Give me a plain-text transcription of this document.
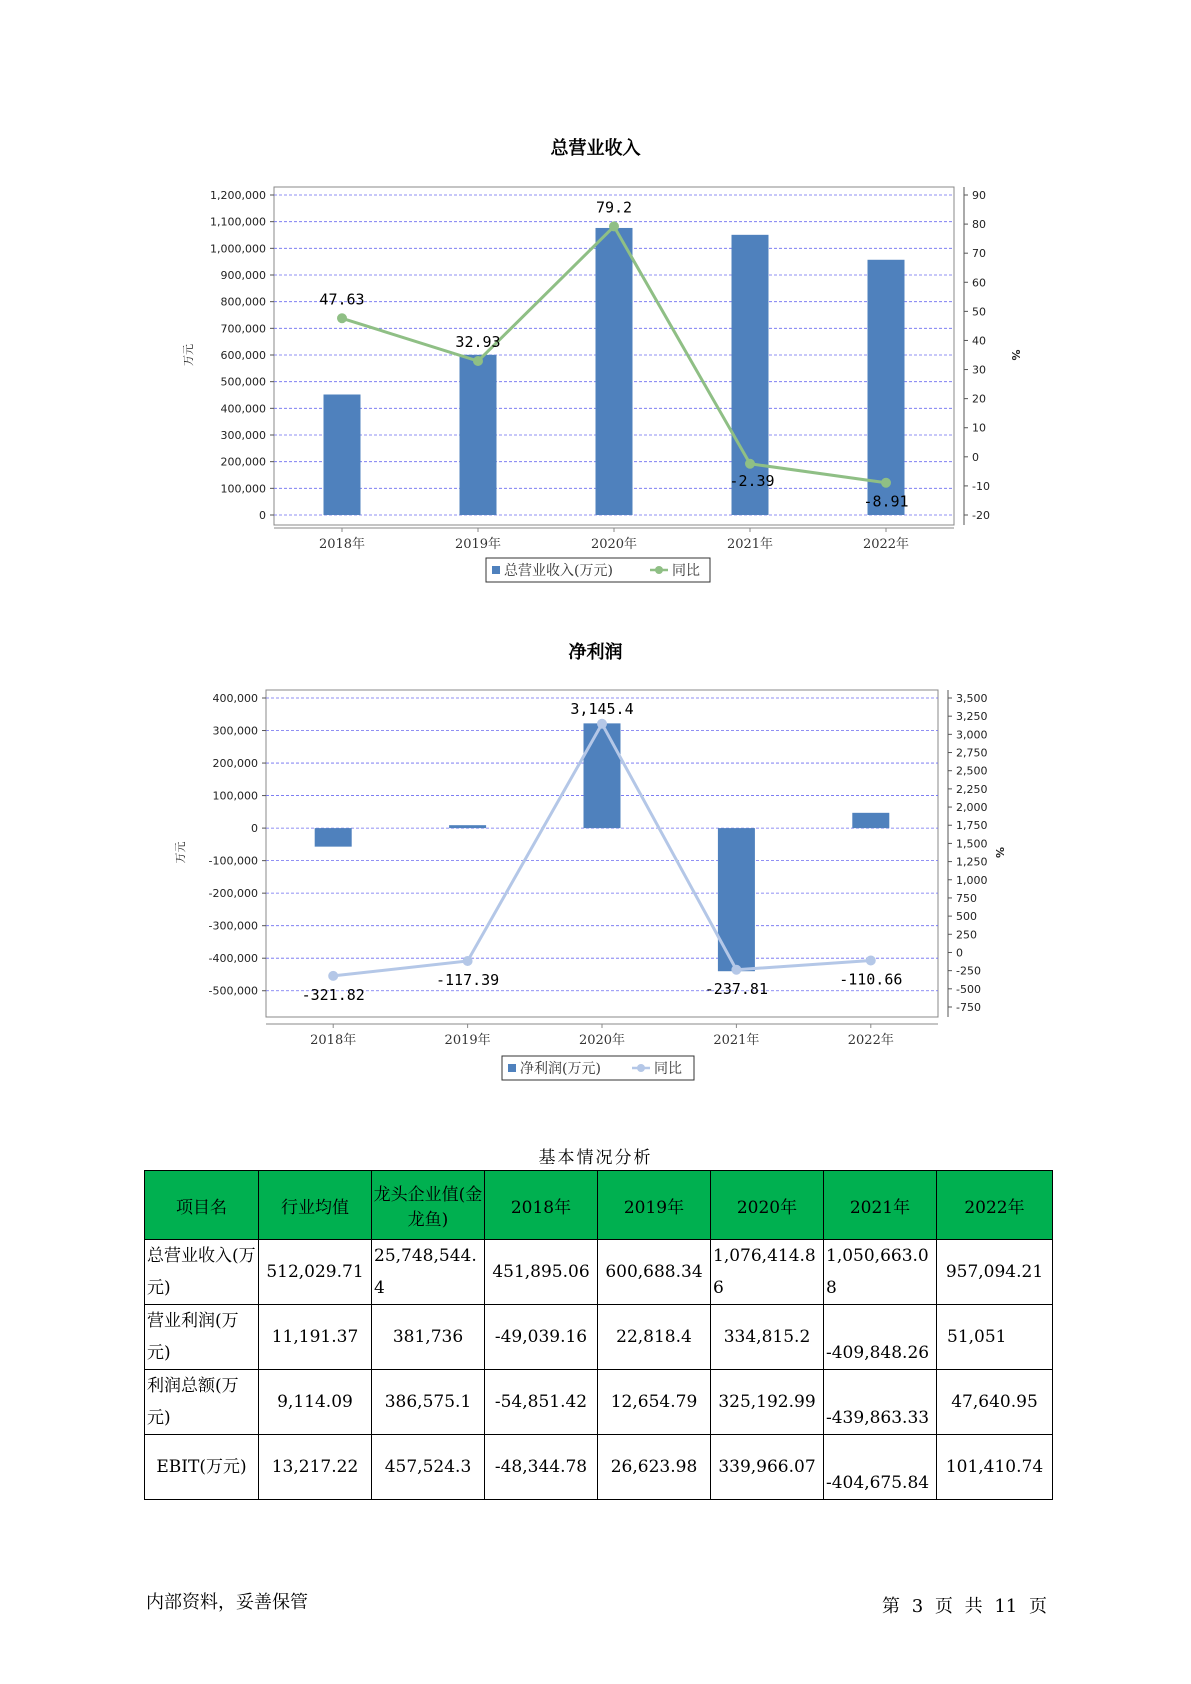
总营业收入
0
100,000
200,000
300,000
400,000
500,000
600,000
700,000
800,000
900,000
1,000,000
1,100,000
1,200,000
-20
-10
0
10
20
30
40
50
60
70
80
90
万元	%
2018年	2019年	2020年	2021年	2022年
47.63
32.93
79.2
-2.39
-8.91
总营业收入(万元)	同比
净利润
-500,000
-400,000
-300,000
-200,000
-100,000
0
100,000
200,000
300,000
400,000
-750
-500
-250
0
250
500
750
1,000
1,250
1,500
1,750
2,000
2,250
2,500
2,750
3,000
3,250
3,500
万元	%
2018年	2019年	2020年	2021年	2022年
-321.82
-117.39
3,145.4
-237.81
-110.66
净利润(万元)	同比
基本情况分析
项目名	行业均值	龙头企业值(金龙鱼)	2018年	2019年	2020年	2021年	2022年
总营业收入(万元)	512,029.71	25,748,544.4	451,895.06	600,688.34	1,076,414.86	1,050,663.08	957,094.21
营业利润(万元)	11,191.37	381,736	-49,039.16	22,818.4	334,815.2	-409,848.26	51,051
利润总额(万元)	9,114.09	386,575.1	-54,851.42	12,654.79	325,192.99	-439,863.33	47,640.95
EBIT(万元)	13,217.22	457,524.3	-48,344.78	26,623.98	339,966.07	-404,675.84	101,410.74
内部资料，妥善保管	第 3 页 共 11 页
